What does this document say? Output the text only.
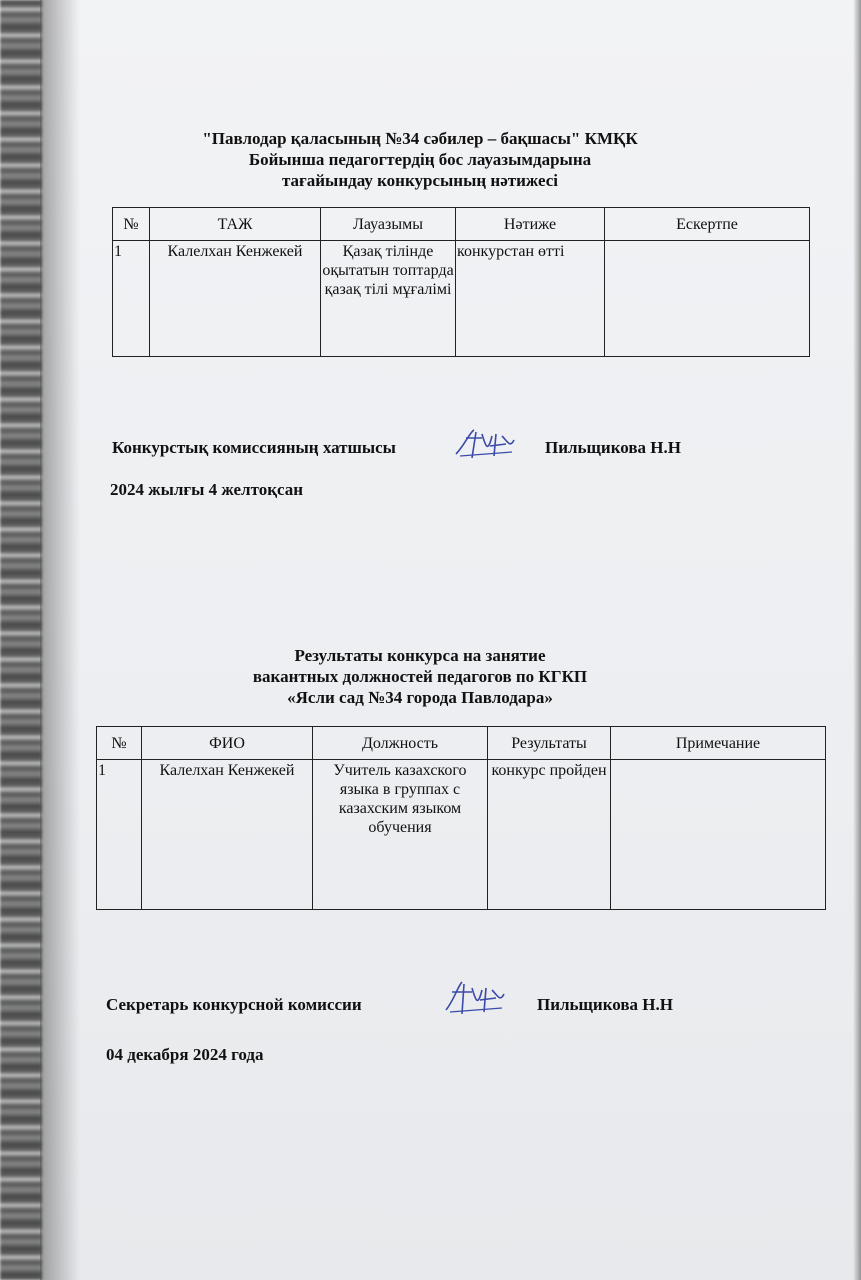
"Павлодар қаласының №34 сәбилер – бақшасы" КМҚК
Бойынша педагогтердің бос лауазымдарына
тағайындау конкурсының нәтижесі
№	ТАЖ	Лауазымы	Нәтиже	Ескертпе
1	Калелхан Кенжекей	Қазақ тілінде оқытатын топтарда қазақ тілі мұғалімі	конкурстан өтті	
Конкурстық комиссияның хатшысы	Пильщикова Н.Н
2024 жылғы 4 желтоқсан
Результаты конкурса на занятие
вакантных должностей педагогов по КГКП
«Ясли сад №34 города Павлодара»
№	ФИО	Должность	Результаты	Примечание
1	Калелхан Кенжекей	Учитель казахского языка в группах с казахским языком обучения	конкурс пройден	
Секретарь конкурсной комиссии	Пильщикова Н.Н
04 декабря 2024 года
